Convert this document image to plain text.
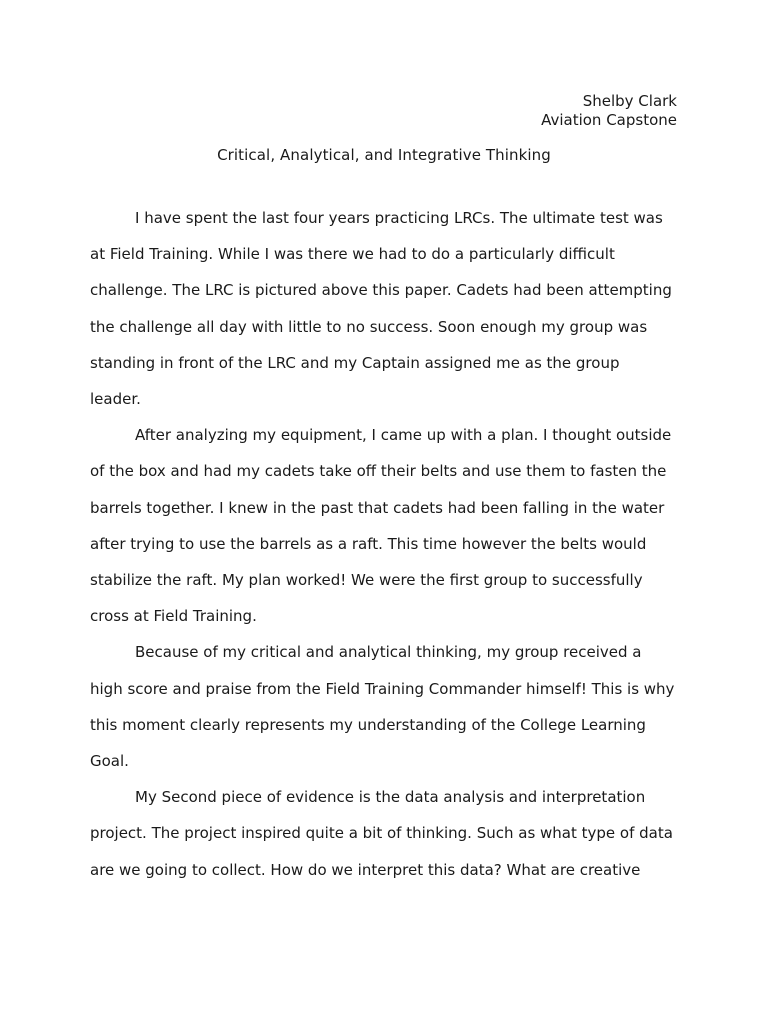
Shelby Clark
Aviation Capstone
Critical, Analytical, and Integrative Thinking
I have spent the last four years practicing LRCs. The ultimate test was
at Field Training. While I was there we had to do a particularly difficult
challenge. The LRC is pictured above this paper. Cadets had been attempting
the challenge all day with little to no success. Soon enough my group was
standing in front of the LRC and my Captain assigned me as the group
leader.
After analyzing my equipment, I came up with a plan. I thought outside
of the box and had my cadets take off their belts and use them to fasten the
barrels together. I knew in the past that cadets had been falling in the water
after trying to use the barrels as a raft. This time however the belts would
stabilize the raft. My plan worked! We were the first group to successfully
cross at Field Training.
Because of my critical and analytical thinking, my group received a
high score and praise from the Field Training Commander himself! This is why
this moment clearly represents my understanding of the College Learning
Goal.
My Second piece of evidence is the data analysis and interpretation
project. The project inspired quite a bit of thinking. Such as what type of data
are we going to collect. How do we interpret this data? What are creative
